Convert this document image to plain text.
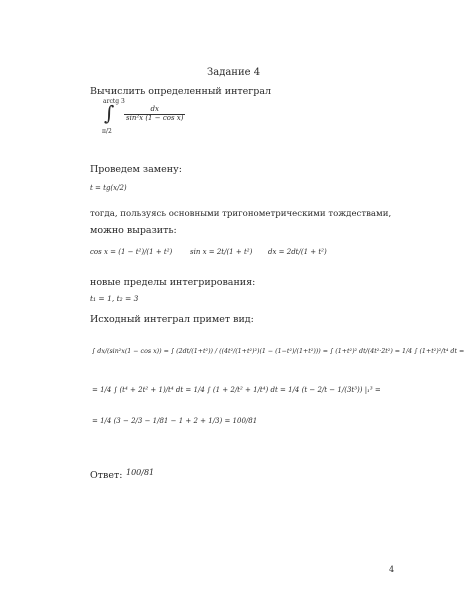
Задание 4
Вычислить определенный интеграл
arctg 3
∫
π/2
$\frac{dx}{\text{sin²x (1 − cos x)}}$
Проведем замену:
t = tg(x/2)
тогда, пользуясь основными тригонометрическими тождествами,
можно выразить:
cos x = (1 − t²)/(1 + t²)	sin x = 2t/(1 + t²) dx = 2dt/(1 + t²)
новые пределы интегрирования:
t₁ = 1, t₂ = 3
Исходный интеграл примет вид:
∫ dx/(sin²x(1 − cos x)) = ∫ (2dt/(1+t²)) / ((4t²/(1+t²)²)(1 − (1−t²)/(1+t²))) = ∫ (1+t²)² dt/(4t²·2t²) = 1/4 ∫ (1+t²)²/t⁴ dt =
= 1/4 ∫ (t⁴ + 2t² + 1)/t⁴ dt = 1/4 ∫ (1 + 2/t² + 1/t⁴) dt = 1/4 (t − 2/t − 1/(3t³)) |₁³ =
= 1/4 (3 − 2/3 − 1/81 − 1 + 2 + 1/3) = 100/81
Ответ: 100/81
4
